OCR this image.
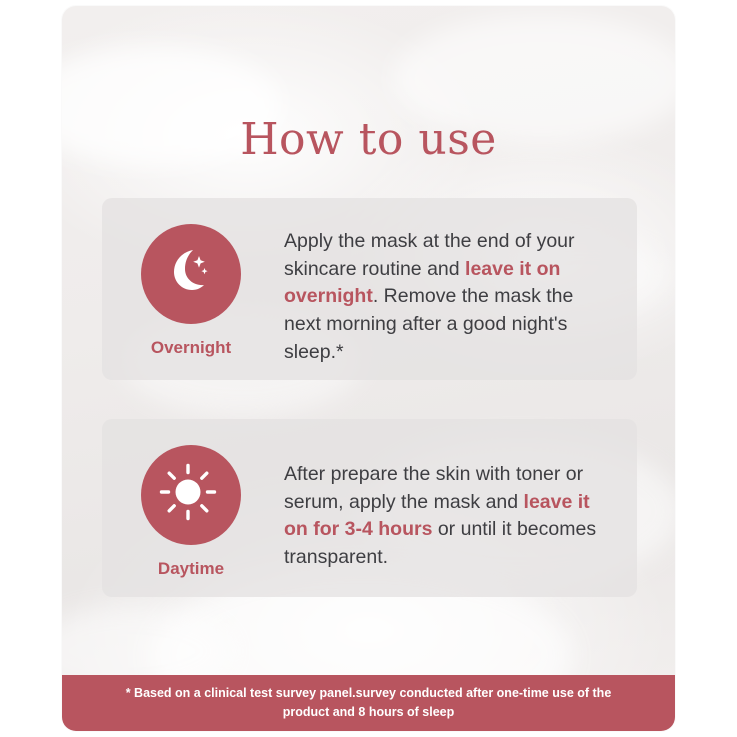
How to use
Overnight
Apply the mask at the end of your skincare routine and leave it on overnight. Remove the mask the next morning after a good night's sleep.*
Daytime
After prepare the skin with toner or serum, apply the mask and leave it on for 3-4 hours or until it becomes transparent.
* Based on a clinical test survey panel.survey conducted after one-time use of the product and 8 hours of sleep
